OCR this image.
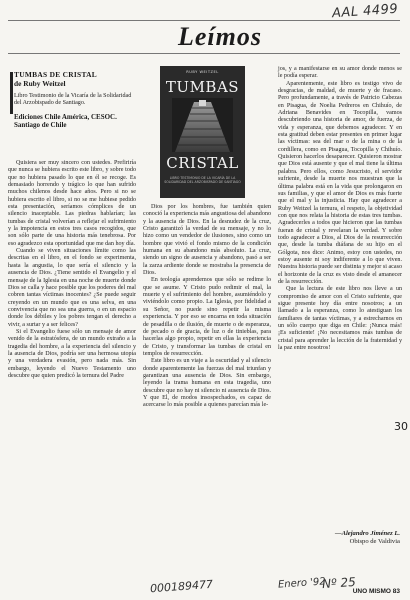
AAL 4499
Leímos
TUMBAS DE CRISTAL
de Ruby Weitzel
Libro Testimonio de la Vicaría de la Solidaridad del Arzobispado de Santiago.
Ediciones Chile América, CESOC. Santiago de Chile
RUBY WEITZEL
TUMBAS
CRISTAL
LIBRO TESTIMONIO DE LA VICARÍA DE LA SOLIDARIDAD DEL ARZOBISPADO DE SANTIAGO

Quisiera ser muy sincero con ustedes. Prefiriría que nunca se hubiera escrito este libro, y sobre todo que no hubiera pasado lo que en él se recoge. Es demasiado horrendo y trágico lo que han sufrido muchos chilenos desde hace años. Pero si no se hubiera escrito el libro, si no se me hubiese pedido esta presentación, seríamos cómplices de un silencio inaceptable. Las piedras hablarían; las tumbas de cristal volverían a reflejar el sufrimiento y la impotencia en estos tres casos recogidos, que son sólo parte de una historia más tenebrosa. Por eso agradezco esta oportunidad que me dan hoy día.

Cuando se viven situaciones límite como las descritas en el libro, en el fondo se experimenta, hasta la angustia, lo que sería el silencio y la ausencia de Dios. ¿Tiene sentido el Evangelio y el mensaje de la Iglesia en una noche de muerte donde Dios se calla y hace posible que los poderes del mal cobren tantas víctimas inocentes? ¿Se puede seguir creyendo en un mundo que es una selva, en una convivencia que no sea una guerra, o en un espacio donde los débiles y los pobres tengan el derecho a vivir, a surtar y a ser felices?

Si el Evangelio fuese sólo un mensaje de amor venido de la estratósfera, de un mundo extraño a la tragedia del hombre, a la experiencia del silencio y la ausencia de Dios, podría ser una hermosa utopía y una verdadera evasión, pero nada más. Sin embargo, leyendo el Nuevo Testamento uno descubre que quien predicó la ternura del Padre

Dios por los hombres, fue también quien conoció la experiencia más angustiosa del abandono y la ausencia de Dios. En la desnudez de la cruz, Cristo garantizó la verdad de su mensaje, y no lo hizo como un vendedor de ilusiones, sino como un hombre que vivió el fondo mismo de la condición humana en su abandono más absoluto. La cruz, siendo un signo de ausencia y abandono, pasó a ser la zarza ardiente donde se mostraba la presencia de Dios.

En teología aprendemos que sólo se redime lo que se asume. Y Cristo pudo redimir el mal, la muerte y el sufrimiento del hombre, asumiéndolo y viviéndolo como propio. La Iglesia, por fidelidad a su Señor, no puede sino repetir la misma experiencia. Y por eso se encarna en toda situación de pesadilla o de ilusión, de muerte o de esperanza, de pecado o de gracia, de luz o de tinieblas, para hacerlas algo propio, repetir en ellas la experiencia de Cristo, y transformar las tumbas de cristal en templos de resurrección.

Este libro es un viaje a la oscuridad y al silencio donde aparentemente las fuerzas del mal triunfan y garantizan una ausencia de Dios. Sin embargo, leyendo la trama humana en esta tragedia, uno descubre que no hay ni silencio ni ausencia de Dios. Y que El, de modos insospechados, es capaz de acercarse lo más posible a quienes parecían más le-

jos, y a manifestarse en su amor donde menos se le podía esperar.

Aparentemente, este libro es testigo vivo de desgracias, de maldad, de muerte y de fracaso. Pero profundamente, a través de Patricio Cabezas en Pisagua, de Noelia Pedreros en Chihuío, de Adriana Benavides en Tocopilla, vamos descubriendo una historia de amor, de fuerza, de vida y esperanza, que debemos agradecer. Y en esta gratitud deben estar presentes en primer lugar las víctimas: sea del mar o de la mina o de la cordillera, como en Pisagua, Tocopilla y Chihuío. Quisieron hacerlos desaparecer. Quisieron mostrar que Dios está ausente y que el mal tiene la última palabra. Pero ellos, como Jesucristo, el servidor sufriente, desde la muerte nos muestran que la última palabra está en la vida que prolongaron en sus familias, y que el amor de Dios es más fuerte que el mal y la injusticia. Hay que agradecer a Ruby Weitzel la ternura, el respeto, la objetividad con que nos relata la historia de estas tres tumbas. Agradecerles a todos que hicieron que las tumbas fueran de cristal y revelaran la verdad. Y sobre todo agradecer a Dios, al Dios de la resurrección que, desde la tumba diáfana de su hijo en el Gólgota, nos dice: Animo, estoy con ustedes, no estoy ausente ni soy indiferente a lo que viven. Nuestra historia puede ser distinta y mejor si acaso el horizonte de la cruz es visto desde el amanecer de la resurrección.

Que la lectura de este libro nos lleve a un compromiso de amor con el Cristo sufriente, que sigue presente hoy día entre nosotros; a un llamado a la esperanza, como lo atestiguan los familiares de tantas víctimas, y a estrecharnos en un sólo cuerpo que diga en Chile: ¡Nunca más! ¡Es suficiente! ¡No necesitamos más tumbas de cristal para aprender la lección de la fraternidad y la paz entre nosotros!

—Alejandro Jiménez L.
Obispo de Valdivia
30
000189477	Enero '92
Nº 25
UNO MISMO 83
